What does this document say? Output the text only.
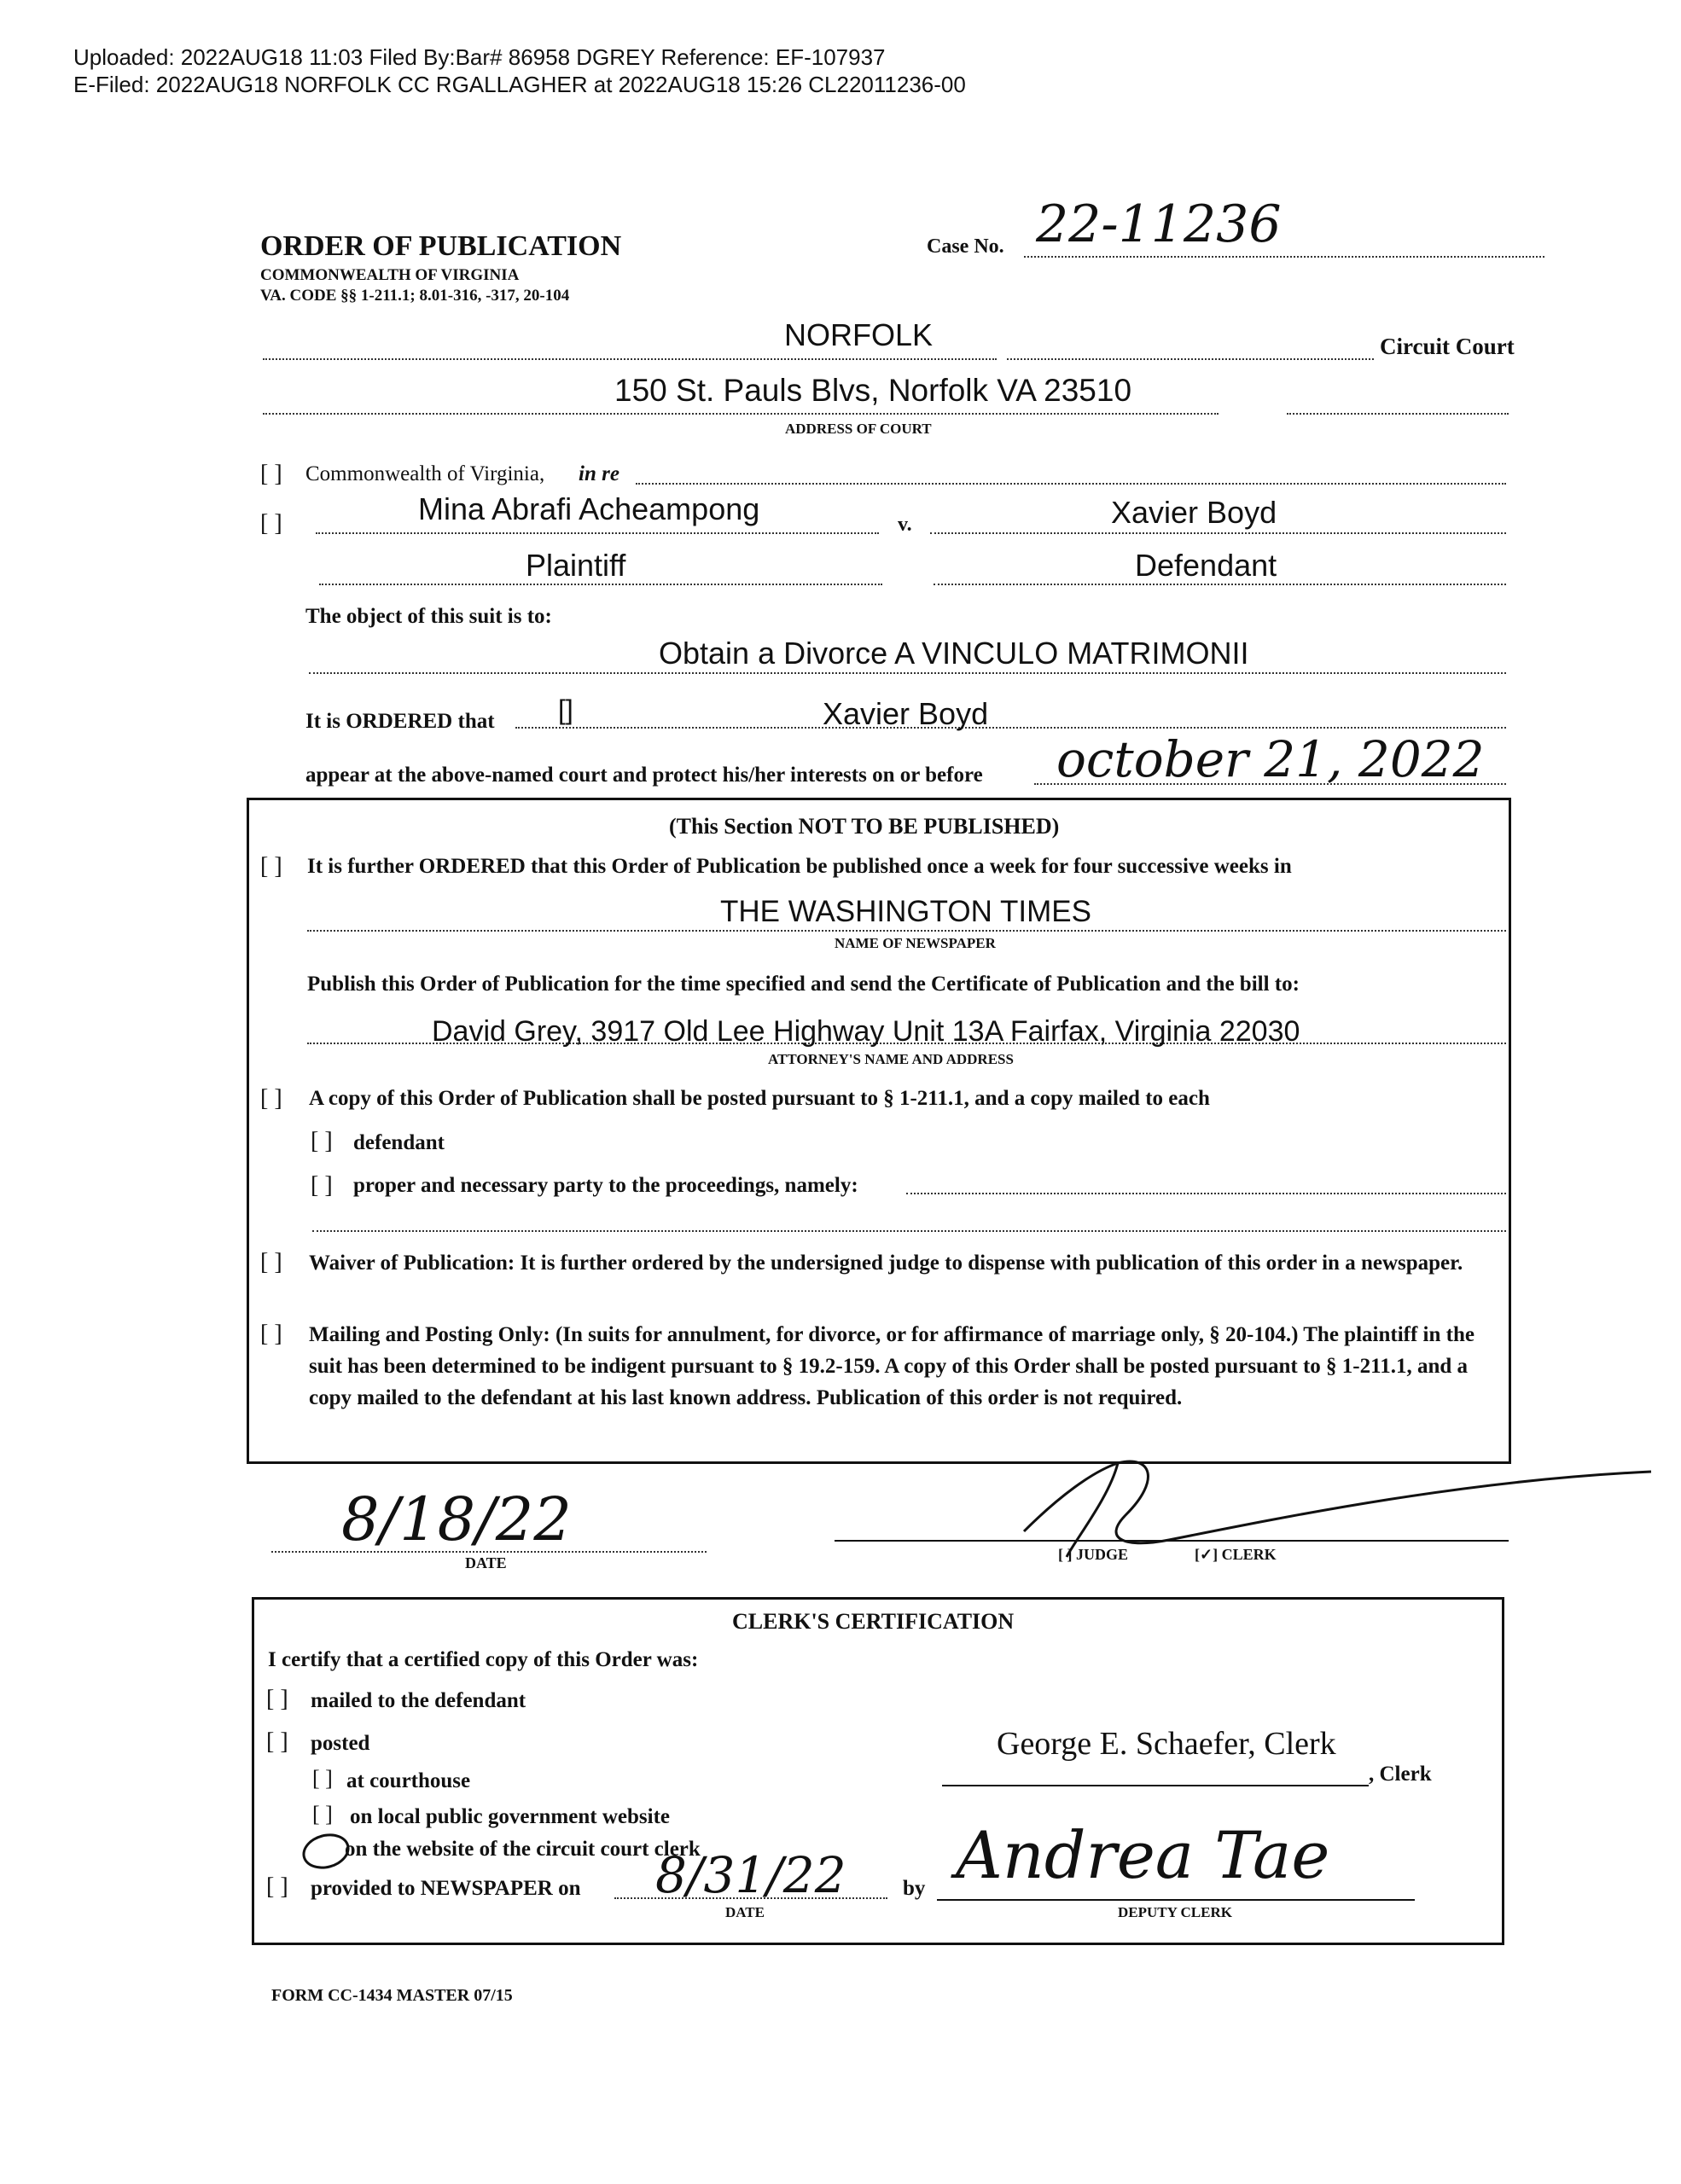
Uploaded: 2022AUG18 11:03 Filed By:Bar# 86958 DGREY Reference: EF-107937
E-Filed: 2022AUG18 NORFOLK CC RGALLAGHER at 2022AUG18 15:26 CL22011236-00
ORDER OF PUBLICATION
COMMONWEALTH OF VIRGINIA
VA. CODE §§ 1-211.1; 8.01-316, -317, 20-104
Case No. 22-11236
NORFOLK	Circuit Court
150 St. Pauls Blvs, Norfolk VA 23510
ADDRESS OF COURT
[ ] Commonwealth of Virginia, in re
[ ]	Mina Abrafi Acheampong	v.	Xavier Boyd
Plaintiff	Defendant
The object of this suit is to:
Obtain a Divorce A VINCULO MATRIMONII
It is ORDERED that []	Xavier Boyd
appear at the above-named court and protect his/her interests on or before october 21, 2022
(This Section NOT TO BE PUBLISHED)
[ ] It is further ORDERED that this Order of Publication be published once a week for four successive weeks in
THE WASHINGTON TIMES
NAME OF NEWSPAPER
Publish this Order of Publication for the time specified and send the Certificate of Publication and the bill to:
David Grey, 3917 Old Lee Highway Unit 13A Fairfax, Virginia 22030
ATTORNEY'S NAME AND ADDRESS
[ ] A copy of this Order of Publication shall be posted pursuant to § 1-211.1, and a copy mailed to each
[ ] defendant
[ ] proper and necessary party to the proceedings, namely:
[ ] Waiver of Publication: It is further ordered by the undersigned judge to dispense with publication of this order in a newspaper.
[ ] Mailing and Posting Only: (In suits for annulment, for divorce, or for affirmance of marriage only, § 20-104.) The plaintiff in the suit has been determined to be indigent pursuant to § 19.2-159. A copy of this Order shall be posted pursuant to § 1-211.1, and a copy mailed to the defendant at his last known address. Publication of this order is not required.
8/18/22
DATE	[ ] JUDGE	[✓] CLERK
CLERK'S CERTIFICATION
I certify that a certified copy of this Order was:
[ ] mailed to the defendant
[ ] posted
[ ] at courthouse
[ ] on local public government website
on the website of the circuit court clerk
[ ] provided to NEWSPAPER on 8/31/22
DATE
by
George E. Schaefer, Clerk
, Clerk
Andrea Tae
DEPUTY CLERK
FORM CC-1434 MASTER 07/15
